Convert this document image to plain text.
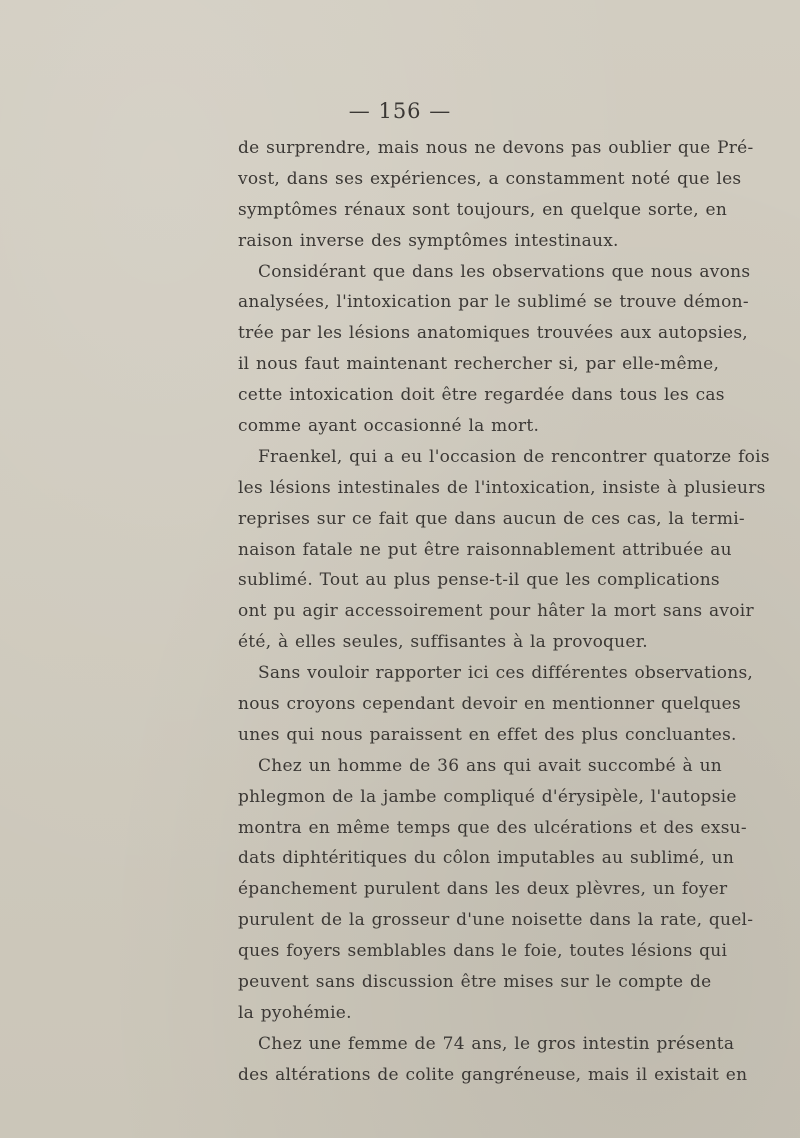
— 156 —
de surprendre, mais nous ne devons pas oublier que Pré-
vost, dans ses expériences, a constamment noté que les
symptômes rénaux sont toujours, en quelque sorte, en
raison inverse des symptômes intestinaux.
Considérant que dans les observations que nous avons
analysées, l'intoxication par le sublimé se trouve démon-
trée par les lésions anatomiques trouvées aux autopsies,
il nous faut maintenant rechercher si, par elle-même,
cette intoxication doit être regardée dans tous les cas
comme ayant occasionné la mort.
Fraenkel, qui a eu l'occasion de rencontrer quatorze fois
les lésions intestinales de l'intoxication, insiste à plusieurs
reprises sur ce fait que dans aucun de ces cas, la termi-
naison fatale ne put être raisonnablement attribuée au
sublimé. Tout au plus pense-t-il que les complications
ont pu agir accessoirement pour hâter la mort sans avoir
été, à elles seules, suffisantes à la provoquer.
Sans vouloir rapporter ici ces différentes observations,
nous croyons cependant devoir en mentionner quelques
unes qui nous paraissent en effet des plus concluantes.
Chez un homme de 36 ans qui avait succombé à un
phlegmon de la jambe compliqué d'érysipèle, l'autopsie
montra en même temps que des ulcérations et des exsu-
dats diphtéritiques du côlon imputables au sublimé, un
épanchement purulent dans les deux plèvres, un foyer
purulent de la grosseur d'une noisette dans la rate, quel-
ques foyers semblables dans le foie, toutes lésions qui
peuvent sans discussion être mises sur le compte de
la pyohémie.
Chez une femme de 74 ans, le gros intestin présenta
des altérations de colite gangréneuse, mais il existait en
